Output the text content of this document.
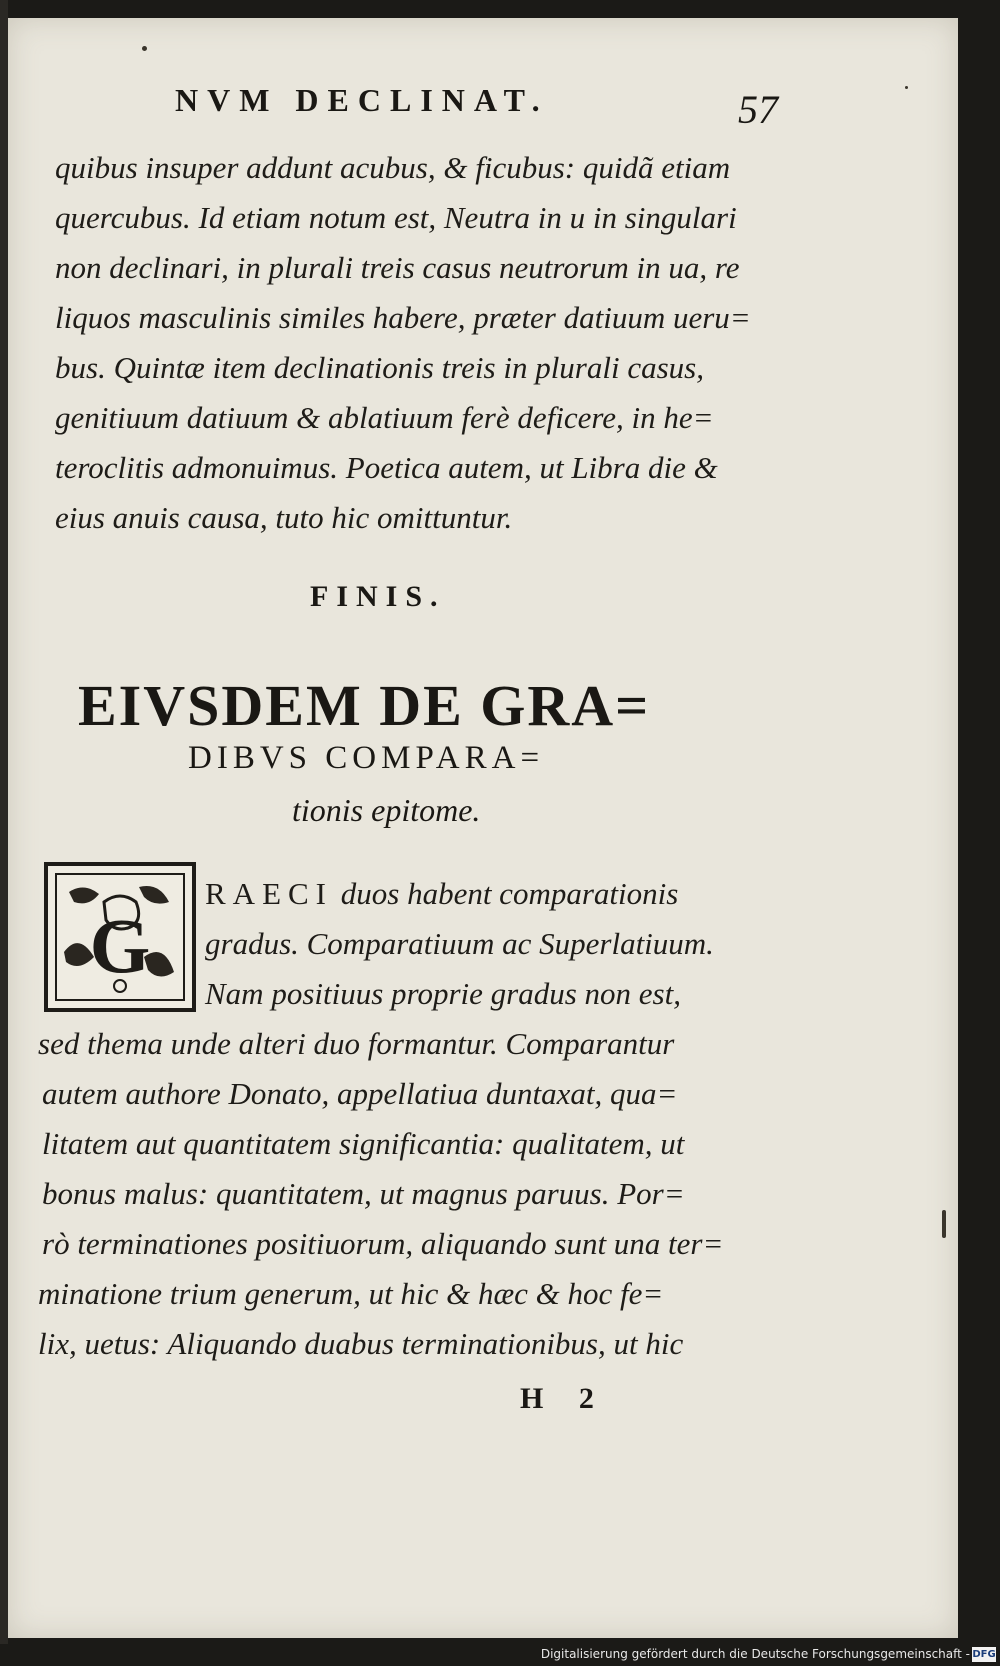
NVM DECLINAT.	57
quibus insuper addunt acubus, & ficubus: quidã etiam
quercubus. Id etiam notum est, Neutra in u in singulari
non declinari, in plurali treis casus neutrorum in ua, re
liquos masculinis similes habere, præter datiuum ueru=
bus. Quintæ item declinationis treis in plurali casus,
genitiuum datiuum & ablatiuum ferè deficere, in he=
teroclitis admonuimus. Poetica autem, ut Libra die &
eius anuis causa, tuto hic omittuntur.
FINIS.
EIVSDEM DE GRA=
DIBVS COMPARA=
tionis epitome.
G
RAECI duos habent comparationis
gradus. Comparatiuum ac Superlatiuum.
Nam positiuus proprie gradus non est,
sed thema unde alteri duo formantur. Comparantur
autem authore Donato, appellatiua duntaxat, qua=
litatem aut quantitatem significantia: qualitatem, ut
bonus malus: quantitatem, ut magnus paruus. Por=
rò terminationes positiuorum, aliquando sunt una ter=
minatione trium generum, ut hic & hæc & hoc fe=
lix, uetus: Aliquando duabus terminationibus, ut hic
H 2
Digitalisierung gefördert durch die Deutsche Forschungsgemeinschaft - DFG
